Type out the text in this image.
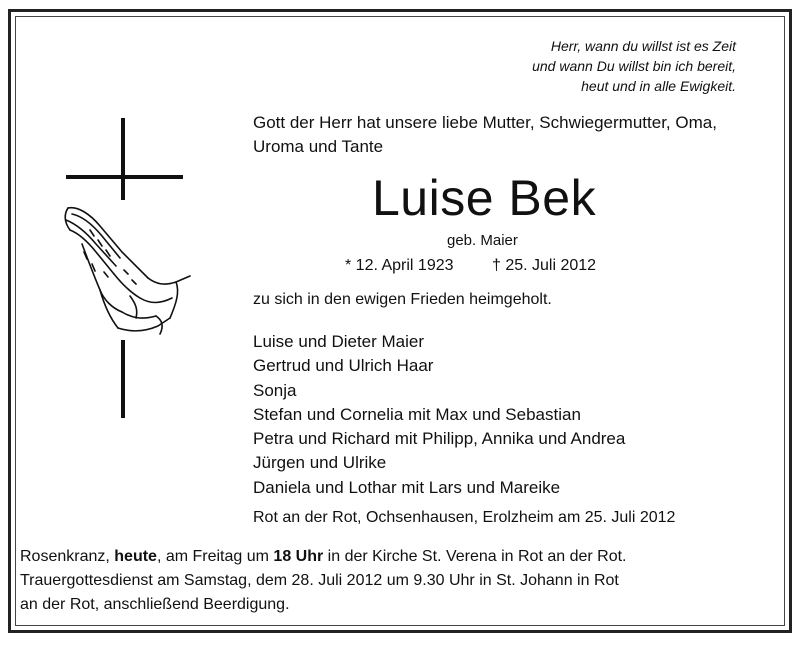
Herr, wann du willst ist es Zeit
und wann Du willst bin ich bereit,
heut und in alle Ewigkeit.
Gott der Herr hat unsere liebe Mutter, Schwiegermutter, Oma,
Uroma und Tante
Luise Bek
geb. Maier
* 12. April 1923 † 25. Juli 2012
zu sich in den ewigen Frieden heimgeholt.
Luise und Dieter Maier
Gertrud und Ulrich Haar
Sonja
Stefan und Cornelia mit Max und Sebastian
Petra und Richard mit Philipp, Annika und Andrea
Jürgen und Ulrike
Daniela und Lothar mit Lars und Mareike
Rot an der Rot, Ochsenhausen, Erolzheim am 25. Juli 2012
Rosenkranz, heute, am Freitag um 18 Uhr in der Kirche St. Verena in Rot an der Rot.
Trauergottesdienst am Samstag, dem 28. Juli 2012 um 9.30 Uhr in St. Johann in Rot
an der Rot, anschließend Beerdigung.
